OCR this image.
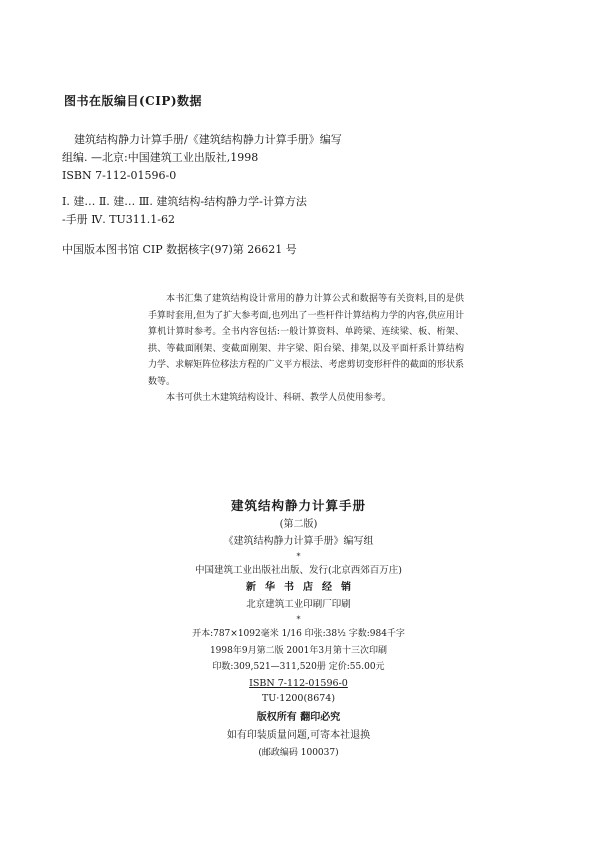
图书在版编目(CIP)数据
建筑结构静力计算手册/《建筑结构静力计算手册》编写
组编. —北京:中国建筑工业出版社,1998
ISBN 7-112-01596-0
Ⅰ. 建… Ⅱ. 建… Ⅲ. 建筑结构-结构静力学-计算方法
-手册 Ⅳ. TU311.1-62
中国版本图书馆 CIP 数据核字(97)第 26621 号

本书汇集了建筑结构设计常用的静力计算公式和数据等有关资料,目的是供手算时套用,但为了扩大参考面,也列出了一些杆件计算结构力学的内容,供应用计算机计算时参考。全书内容包括:一般计算资料、单跨梁、连续梁、板、桁架、拱、等截面刚架、变截面刚架、井字梁、阳台梁、排架,以及平面杆系计算结构力学、求解矩阵位移法方程的广义平方根法、考虑剪切变形杆件的截面的形状系数等。

本书可供土木建筑结构设计、科研、教学人员使用参考。

建筑结构静力计算手册
(第二版)
《建筑结构静力计算手册》编写组
*
中国建筑工业出版社出版、发行(北京西郊百万庄)
新华书店经销
北京建筑工业印刷厂印刷
*
开本:787×1092毫米 1/16 印张:38½ 字数:984千字
1998年9月第二版 2001年3月第十三次印刷
印数:309,521—311,520册 定价:55.00元
ISBN 7-112-01596-0
TU·1200(8674)
版权所有 翻印必究
如有印装质量问题,可寄本社退换
(邮政编码 100037)
